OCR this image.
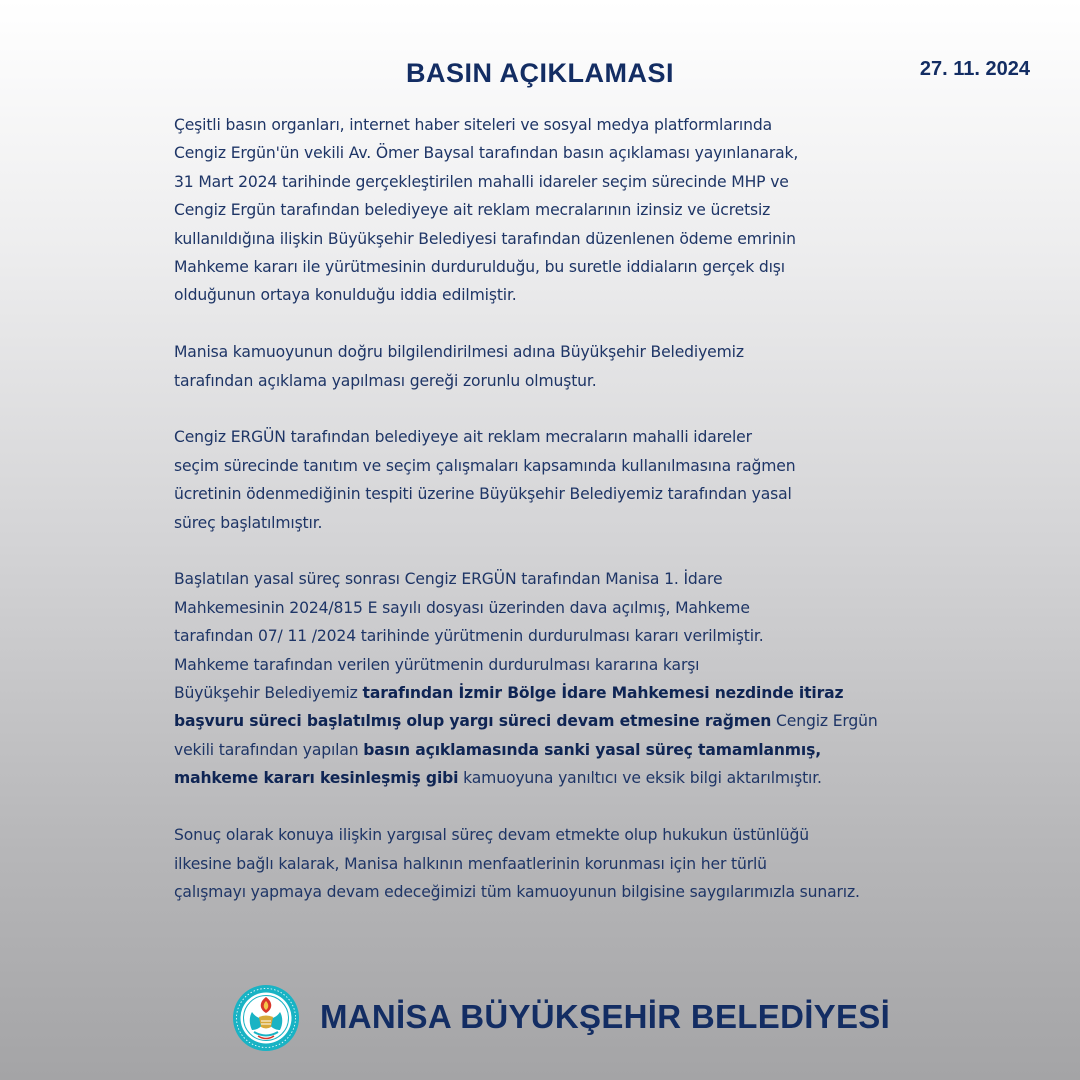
BASIN AÇIKLAMASI	27. 11. 2024
Çeşitli basın organları, internet haber siteleri ve sosyal medya platformlarında
Cengiz Ergün'ün vekili Av. Ömer Baysal tarafından basın açıklaması yayınlanarak,
31 Mart 2024 tarihinde gerçekleştirilen mahalli idareler seçim sürecinde MHP ve
Cengiz Ergün tarafından belediyeye ait reklam mecralarının izinsiz ve ücretsiz
kullanıldığına ilişkin Büyükşehir Belediyesi tarafından düzenlenen ödeme emrinin
Mahkeme kararı ile yürütmesinin durdurulduğu, bu suretle iddiaların gerçek dışı
olduğunun ortaya konulduğu iddia edilmiştir.
Manisa kamuoyunun doğru bilgilendirilmesi adına Büyükşehir Belediyemiz
tarafından açıklama yapılması gereği zorunlu olmuştur.
Cengiz ERGÜN tarafından belediyeye ait reklam mecraların mahalli idareler
seçim sürecinde tanıtım ve seçim çalışmaları kapsamında kullanılmasına rağmen
ücretinin ödenmediğinin tespiti üzerine Büyükşehir Belediyemiz tarafından yasal
süreç başlatılmıştır.
Başlatılan yasal süreç sonrası Cengiz ERGÜN tarafından Manisa 1. İdare
Mahkemesinin 2024/815 E sayılı dosyası üzerinden dava açılmış, Mahkeme
tarafından 07/ 11 /2024 tarihinde yürütmenin durdurulması kararı verilmiştir.
Mahkeme tarafından verilen yürütmenin durdurulması kararına karşı
Büyükşehir Belediyemiz tarafından İzmir Bölge İdare Mahkemesi nezdinde itiraz
başvuru süreci başlatılmış olup yargı süreci devam etmesine rağmen Cengiz Ergün
vekili tarafından yapılan basın açıklamasında sanki yasal süreç tamamlanmış,
mahkeme kararı kesinleşmiş gibi kamuoyuna yanıltıcı ve eksik bilgi aktarılmıştır.
Sonuç olarak konuya ilişkin yargısal süreç devam etmekte olup hukukun üstünlüğü
ilkesine bağlı kalarak, Manisa halkının menfaatlerinin korunması için her türlü
çalışmayı yapmaya devam edeceğimizi tüm kamuoyunun bilgisine saygılarımızla sunarız.
MANİSA BÜYÜKŞEHİR BELEDİYESİ
